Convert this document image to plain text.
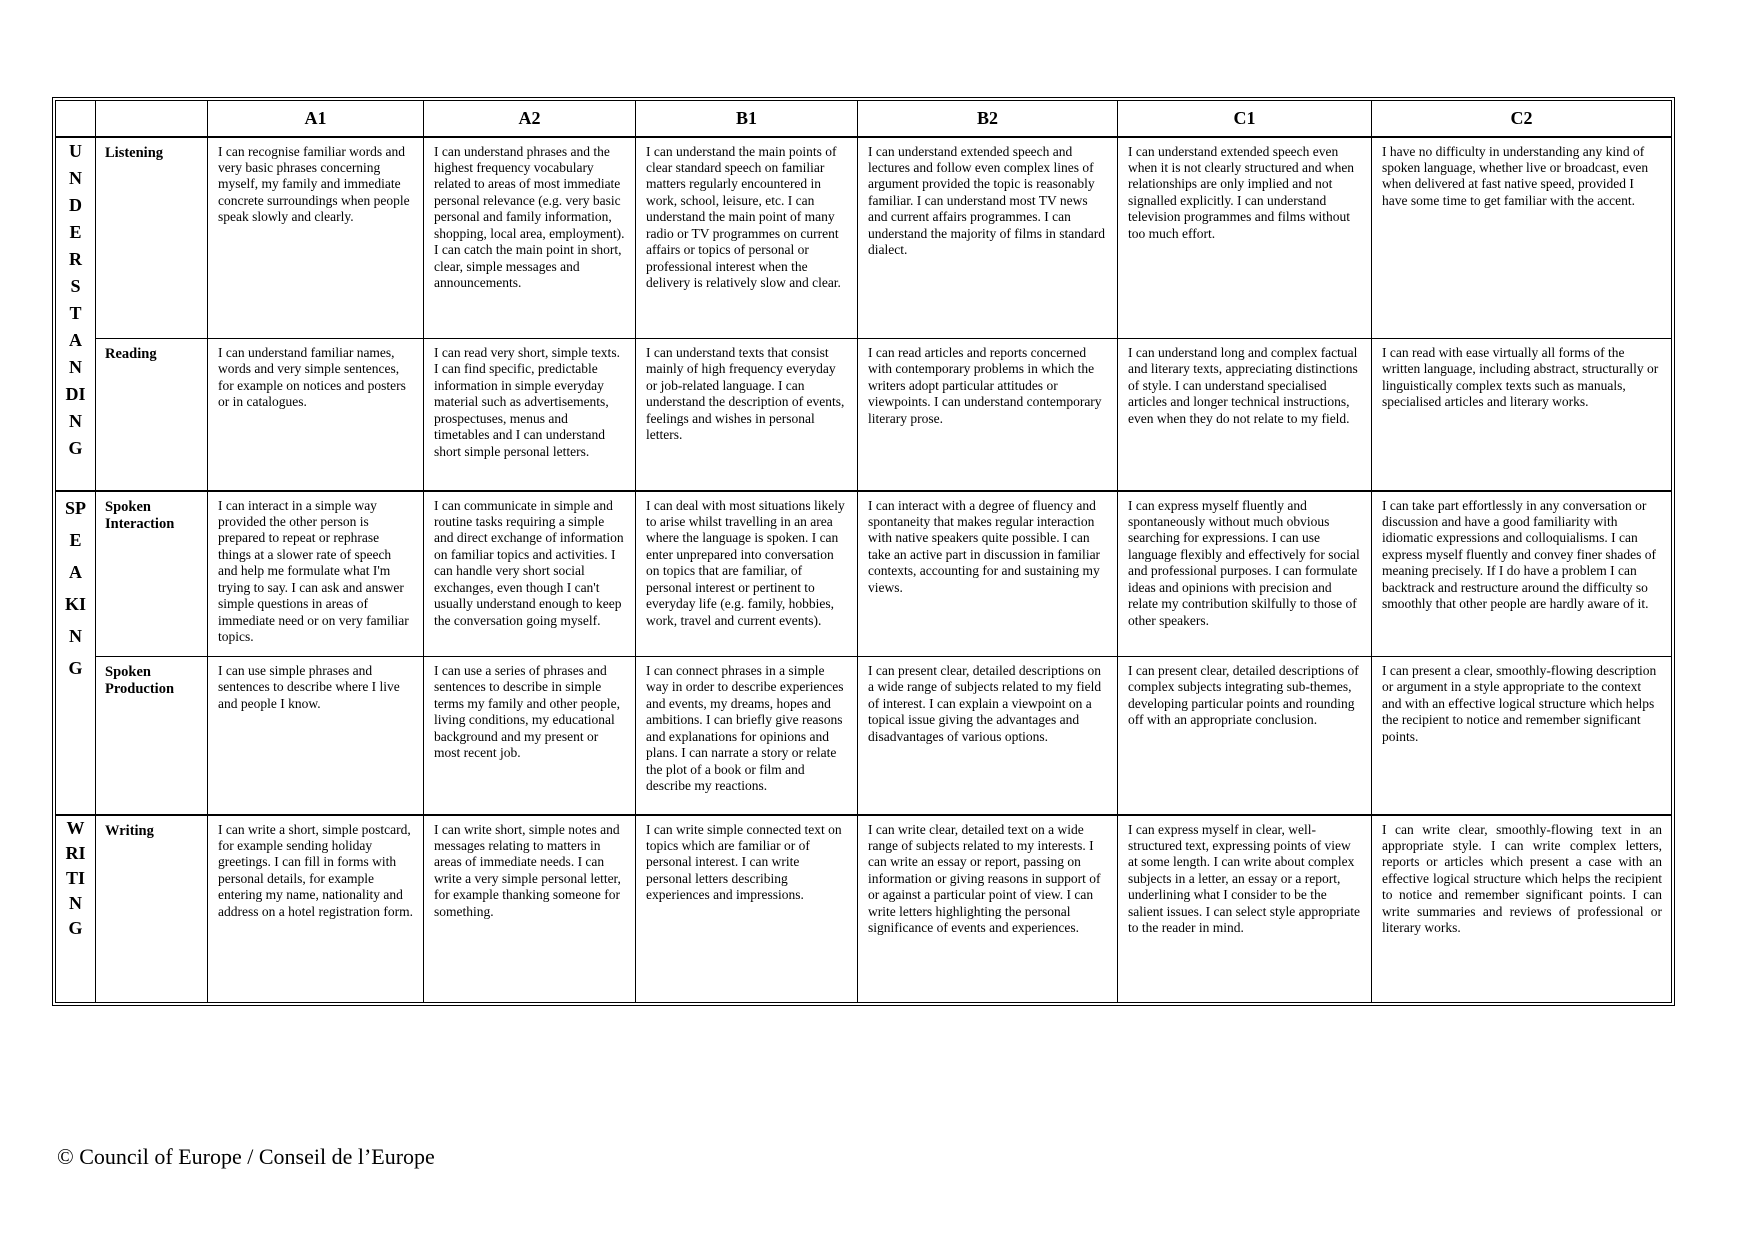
		A1	A2	B1	B2	C1	C2

UNDERSTANDING
	Listening	I can recognise familiar words and very basic phrases concerning myself, my family and immediate concrete surroundings when people speak slowly and clearly.	I can understand phrases and the highest frequency vocabulary related to areas of most immediate personal relevance (e.g. very basic personal and family information, shopping, local area, employment). I can catch the main point in short, clear, simple messages and announcements.	I can understand the main points of clear standard speech on familiar matters regularly encountered in work, school, leisure, etc. I can understand the main point of many radio or TV programmes on current affairs or topics of personal or professional interest when the delivery is relatively slow and clear.	I can understand extended speech and lectures and follow even complex lines of argument provided the topic is reasonably familiar. I can understand most TV news and current affairs programmes. I can understand the majority of films in standard dialect.	I can understand extended speech even when it is not clearly structured and when relationships are only implied and not signalled explicitly. I can understand television programmes and films without too much effort.	I have no difficulty in understanding any kind of spoken language, whether live or broadcast, even when delivered at fast native speed, provided I have some time to get familiar with the accent.
Reading	I can understand familiar names, words and very simple sentences, for example on notices and posters or in catalogues.	I can read very short, simple texts. I can find specific, predictable information in simple everyday material such as advertisements, prospectuses, menus and timetables and I can understand short simple personal letters.	I can understand texts that consist mainly of high frequency everyday or job-related language. I can understand the description of events, feelings and wishes in personal letters.	I can read articles and reports concerned with contemporary problems in which the writers adopt particular attitudes or viewpoints. I can understand contemporary literary prose.	I can understand long and complex factual and literary texts, appreciating distinctions of style. I can understand specialised articles and longer technical instructions, even when they do not relate to my field.	I can read with ease virtually all forms of the written language, including abstract, structurally or linguistically complex texts such as manuals, specialised articles and literary works.

SPEAKING
	Spoken Interaction	I can interact in a simple way provided the other person is prepared to repeat or rephrase things at a slower rate of speech and help me formulate what I'm trying to say. I can ask and answer simple questions in areas of immediate need or on very familiar topics.	I can communicate in simple and routine tasks requiring a simple and direct exchange of information on familiar topics and activities. I can handle very short social exchanges, even though I can't usually understand enough to keep the conversation going myself.	I can deal with most situations likely to arise whilst travelling in an area where the language is spoken. I can enter unprepared into conversation on topics that are familiar, of personal interest or pertinent to everyday life (e.g. family, hobbies, work, travel and current events).	I can interact with a degree of fluency and spontaneity that makes regular interaction with native speakers quite possible. I can take an active part in discussion in familiar contexts, accounting for and sustaining my views.	I can express myself fluently and spontaneously without much obvious searching for expressions. I can use language flexibly and effectively for social and professional purposes. I can formulate ideas and opinions with precision and relate my contribution skilfully to those of other speakers.	I can take part effortlessly in any conversation or discussion and have a good familiarity with idiomatic expressions and colloquialisms. I can express myself fluently and convey finer shades of meaning precisely. If I do have a problem I can backtrack and restructure around the difficulty so smoothly that other people are hardly aware of it.
Spoken Production	I can use simple phrases and sentences to describe where I live and people I know.	I can use a series of phrases and sentences to describe in simple terms my family and other people, living conditions, my educational background and my present or most recent job.	I can connect phrases in a simple way in order to describe experiences and events, my dreams, hopes and ambitions. I can briefly give reasons and explanations for opinions and plans. I can narrate a story or relate the plot of a book or film and describe my reactions.	I can present clear, detailed descriptions on a wide range of subjects related to my field of interest. I can explain a viewpoint on a topical issue giving the advantages and disadvantages of various options.	I can present clear, detailed descriptions of complex subjects integrating sub-themes, developing particular points and rounding off with an appropriate conclusion.	I can present a clear, smoothly-flowing description or argument in a style appropriate to the context and with an effective logical structure which helps the recipient to notice and remember significant points.

WRITING
	Writing	I can write a short, simple postcard, for example sending holiday greetings. I can fill in forms with personal details, for example entering my name, nationality and address on a hotel registration form.	I can write short, simple notes and messages relating to matters in areas of immediate needs. I can write a very simple personal letter, for example thanking someone for something.	I can write simple connected text on topics which are familiar or of personal interest. I can write personal letters describing experiences and impressions.	I can write clear, detailed text on a wide range of subjects related to my interests. I can write an essay or report, passing on information or giving reasons in support of or against a particular point of view. I can write letters highlighting the personal significance of events and experiences.	I can express myself in clear, well-structured text, expressing points of view at some length. I can write about complex subjects in a letter, an essay or a report, underlining what I consider to be the salient issues. I can select style appropriate to the reader in mind.	I can write clear, smoothly-flowing text in an appropriate style. I can write complex letters, reports or articles which present a case with an effective logical structure which helps the recipient to notice and remember significant points. I can write summaries and reviews of professional or literary works.
© Council of Europe / Conseil de l’Europe
